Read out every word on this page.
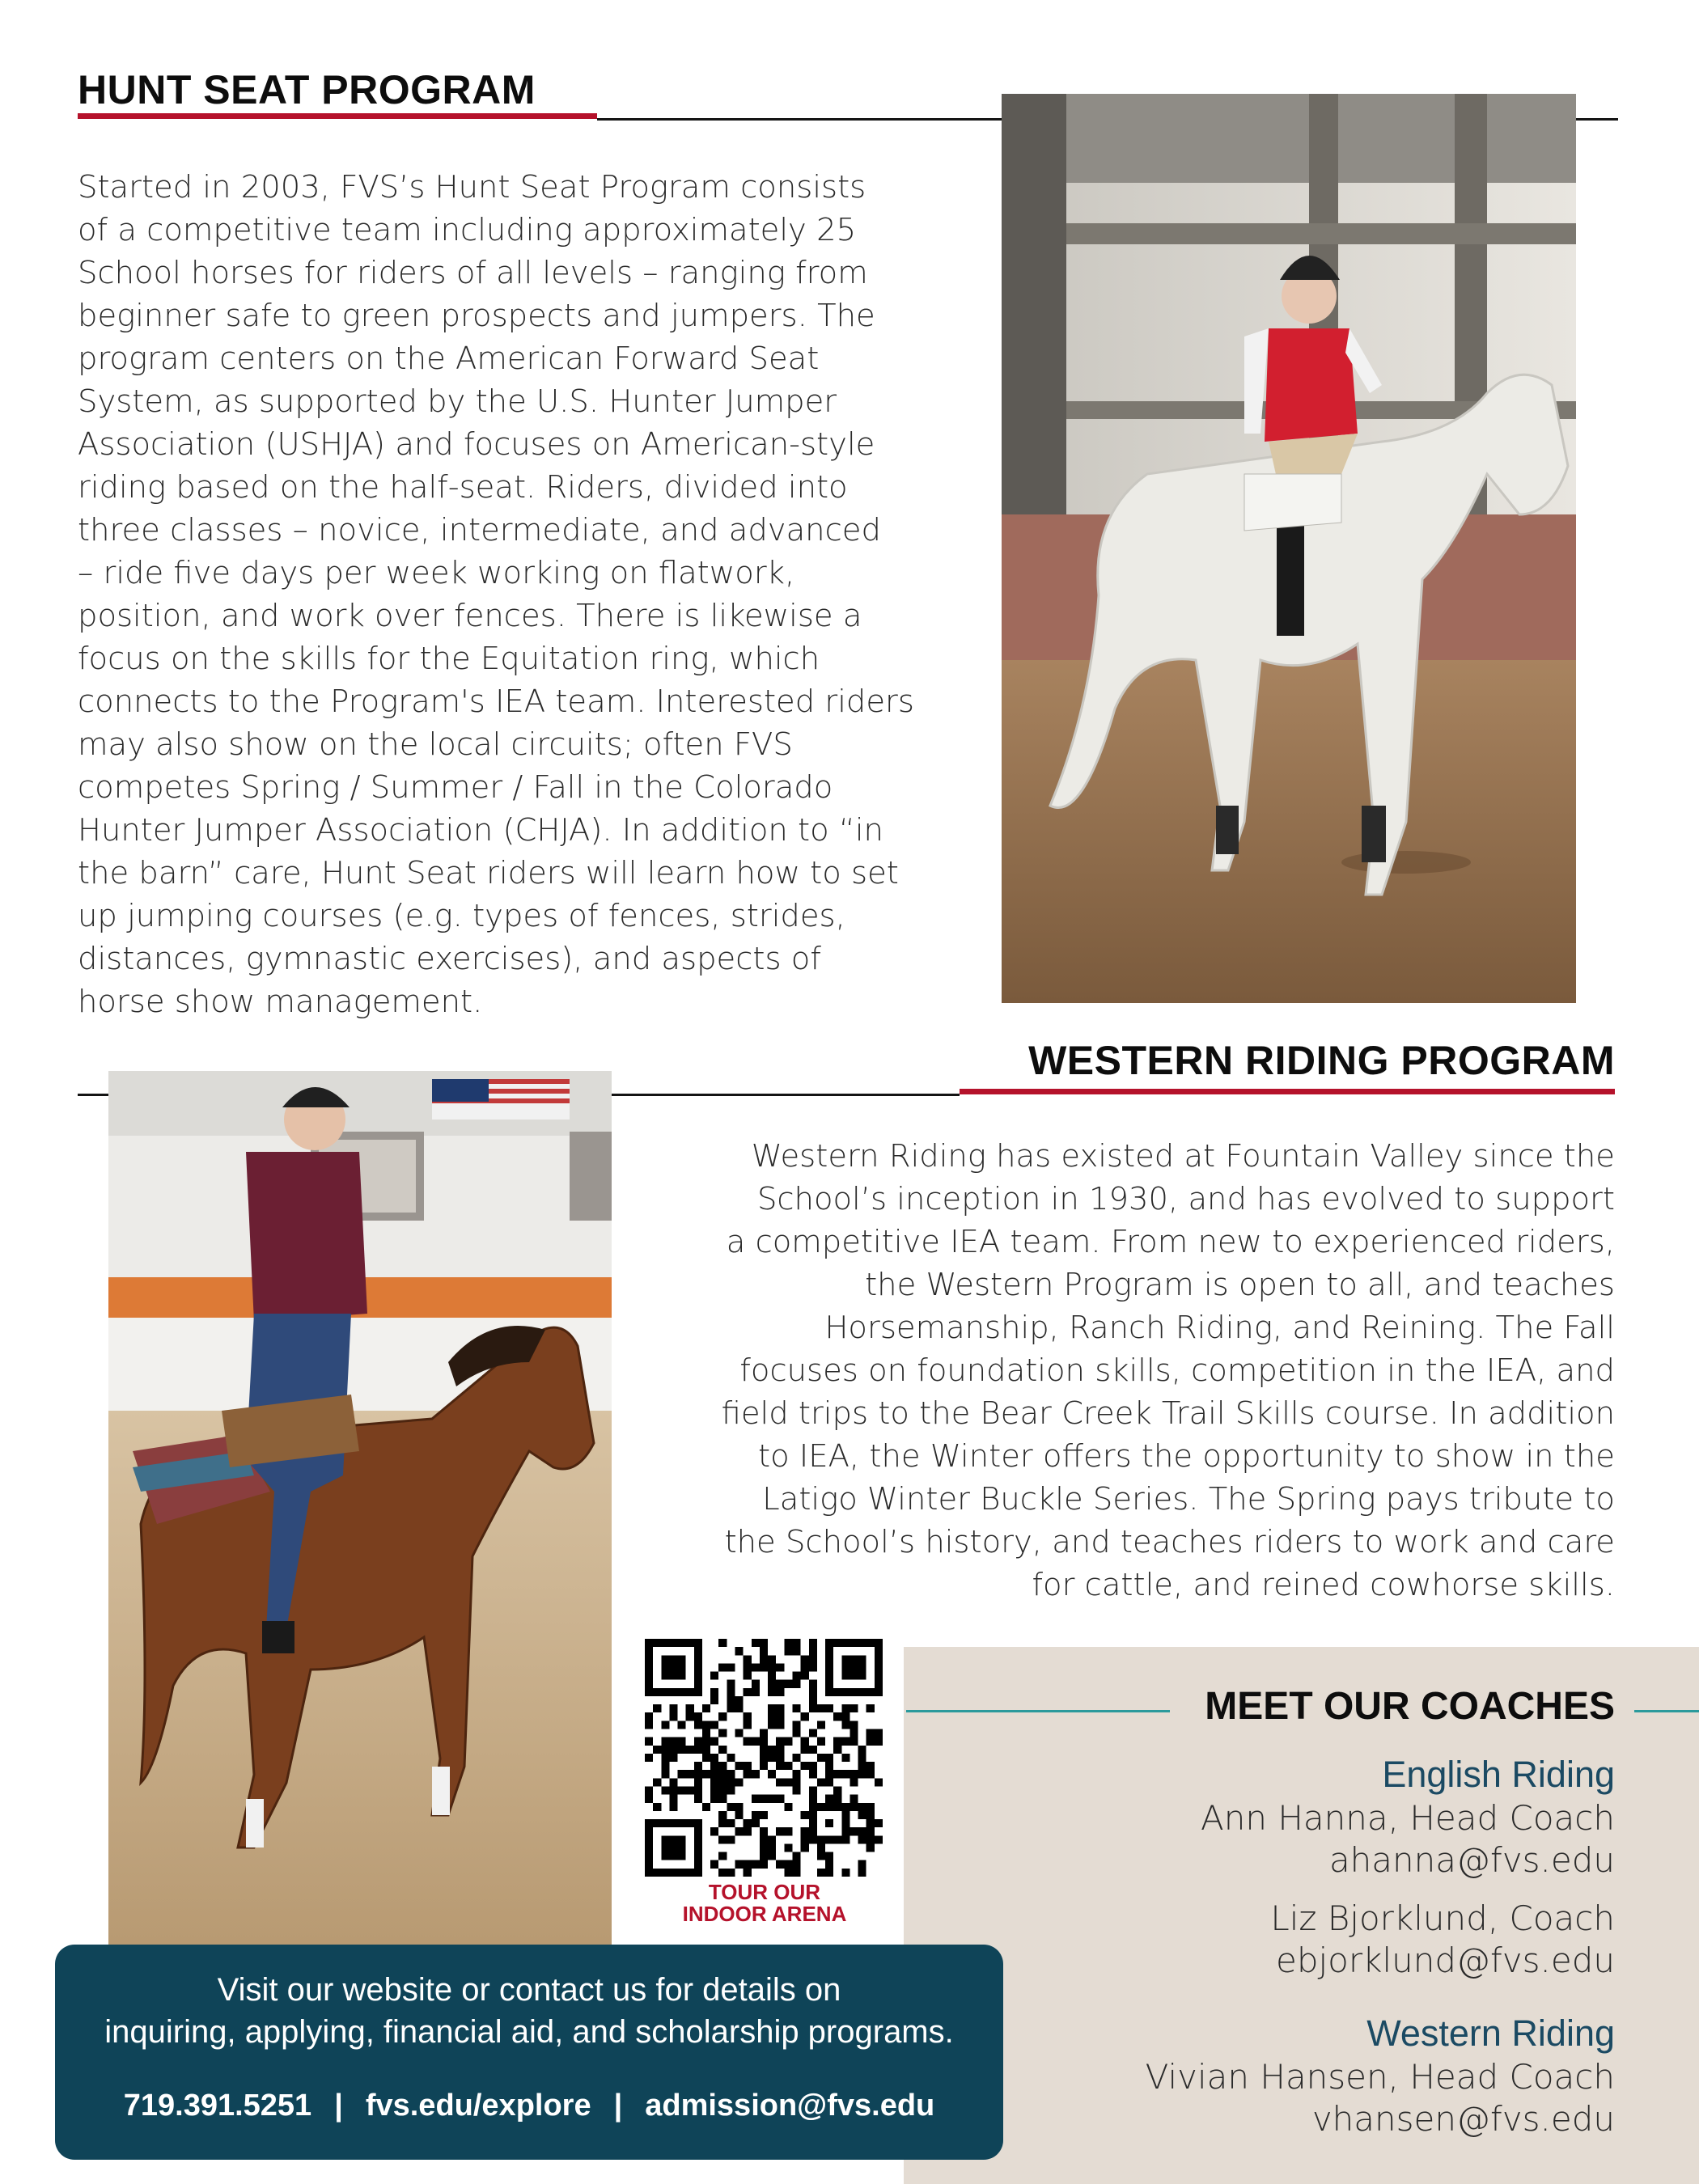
HUNT SEAT PROGRAM
Started in 2003, FVS’s Hunt Seat Program consists
of a competitive team including approximately 25
School horses for riders of all levels – ranging from
beginner safe to green prospects and jumpers. The
program centers on the American Forward Seat
System, as supported by the U.S. Hunter Jumper
Association (USHJA) and focuses on American-style
riding based on the half-seat. Riders, divided into
three classes – novice, intermediate, and advanced
– ride five days per week working on flatwork,
position, and work over fences. There is likewise a
focus on the skills for the Equitation ring, which
connects to the Program's IEA team. Interested riders
may also show on the local circuits; often FVS
competes Spring / Summer / Fall in the Colorado
Hunter Jumper Association (CHJA). In addition to “in
the barn” care, Hunt Seat riders will learn how to set
up jumping courses (e.g. types of fences, strides,
distances, gymnastic exercises), and aspects of
horse show management.
WESTERN RIDING PROGRAM
Western Riding has existed at Fountain Valley since the
School’s inception in 1930, and has evolved to support
a competitive IEA team. From new to experienced riders,
the Western Program is open to all, and teaches
Horsemanship, Ranch Riding, and Reining. The Fall
focuses on foundation skills, competition in the IEA, and
field trips to the Bear Creek Trail Skills course. In addition
to IEA, the Winter offers the opportunity to show in the
Latigo Winter Buckle Series. The Spring pays tribute to
the School’s history, and teaches riders to work and care
for cattle, and reined cowhorse skills.
TOUR OUR
INDOOR ARENA
MEET OUR COACHES
English Riding
Ann Hanna, Head Coach
ahanna@fvs.edu
Liz Bjorklund, Coach
ebjorklund@fvs.edu
Western Riding
Vivian Hansen, Head Coach
vhansen@fvs.edu
Visit our website or contact us for details on
inquiring, applying, financial aid, and scholarship programs.
719.391.5251 | fvs.edu/explore | admission@fvs.edu
